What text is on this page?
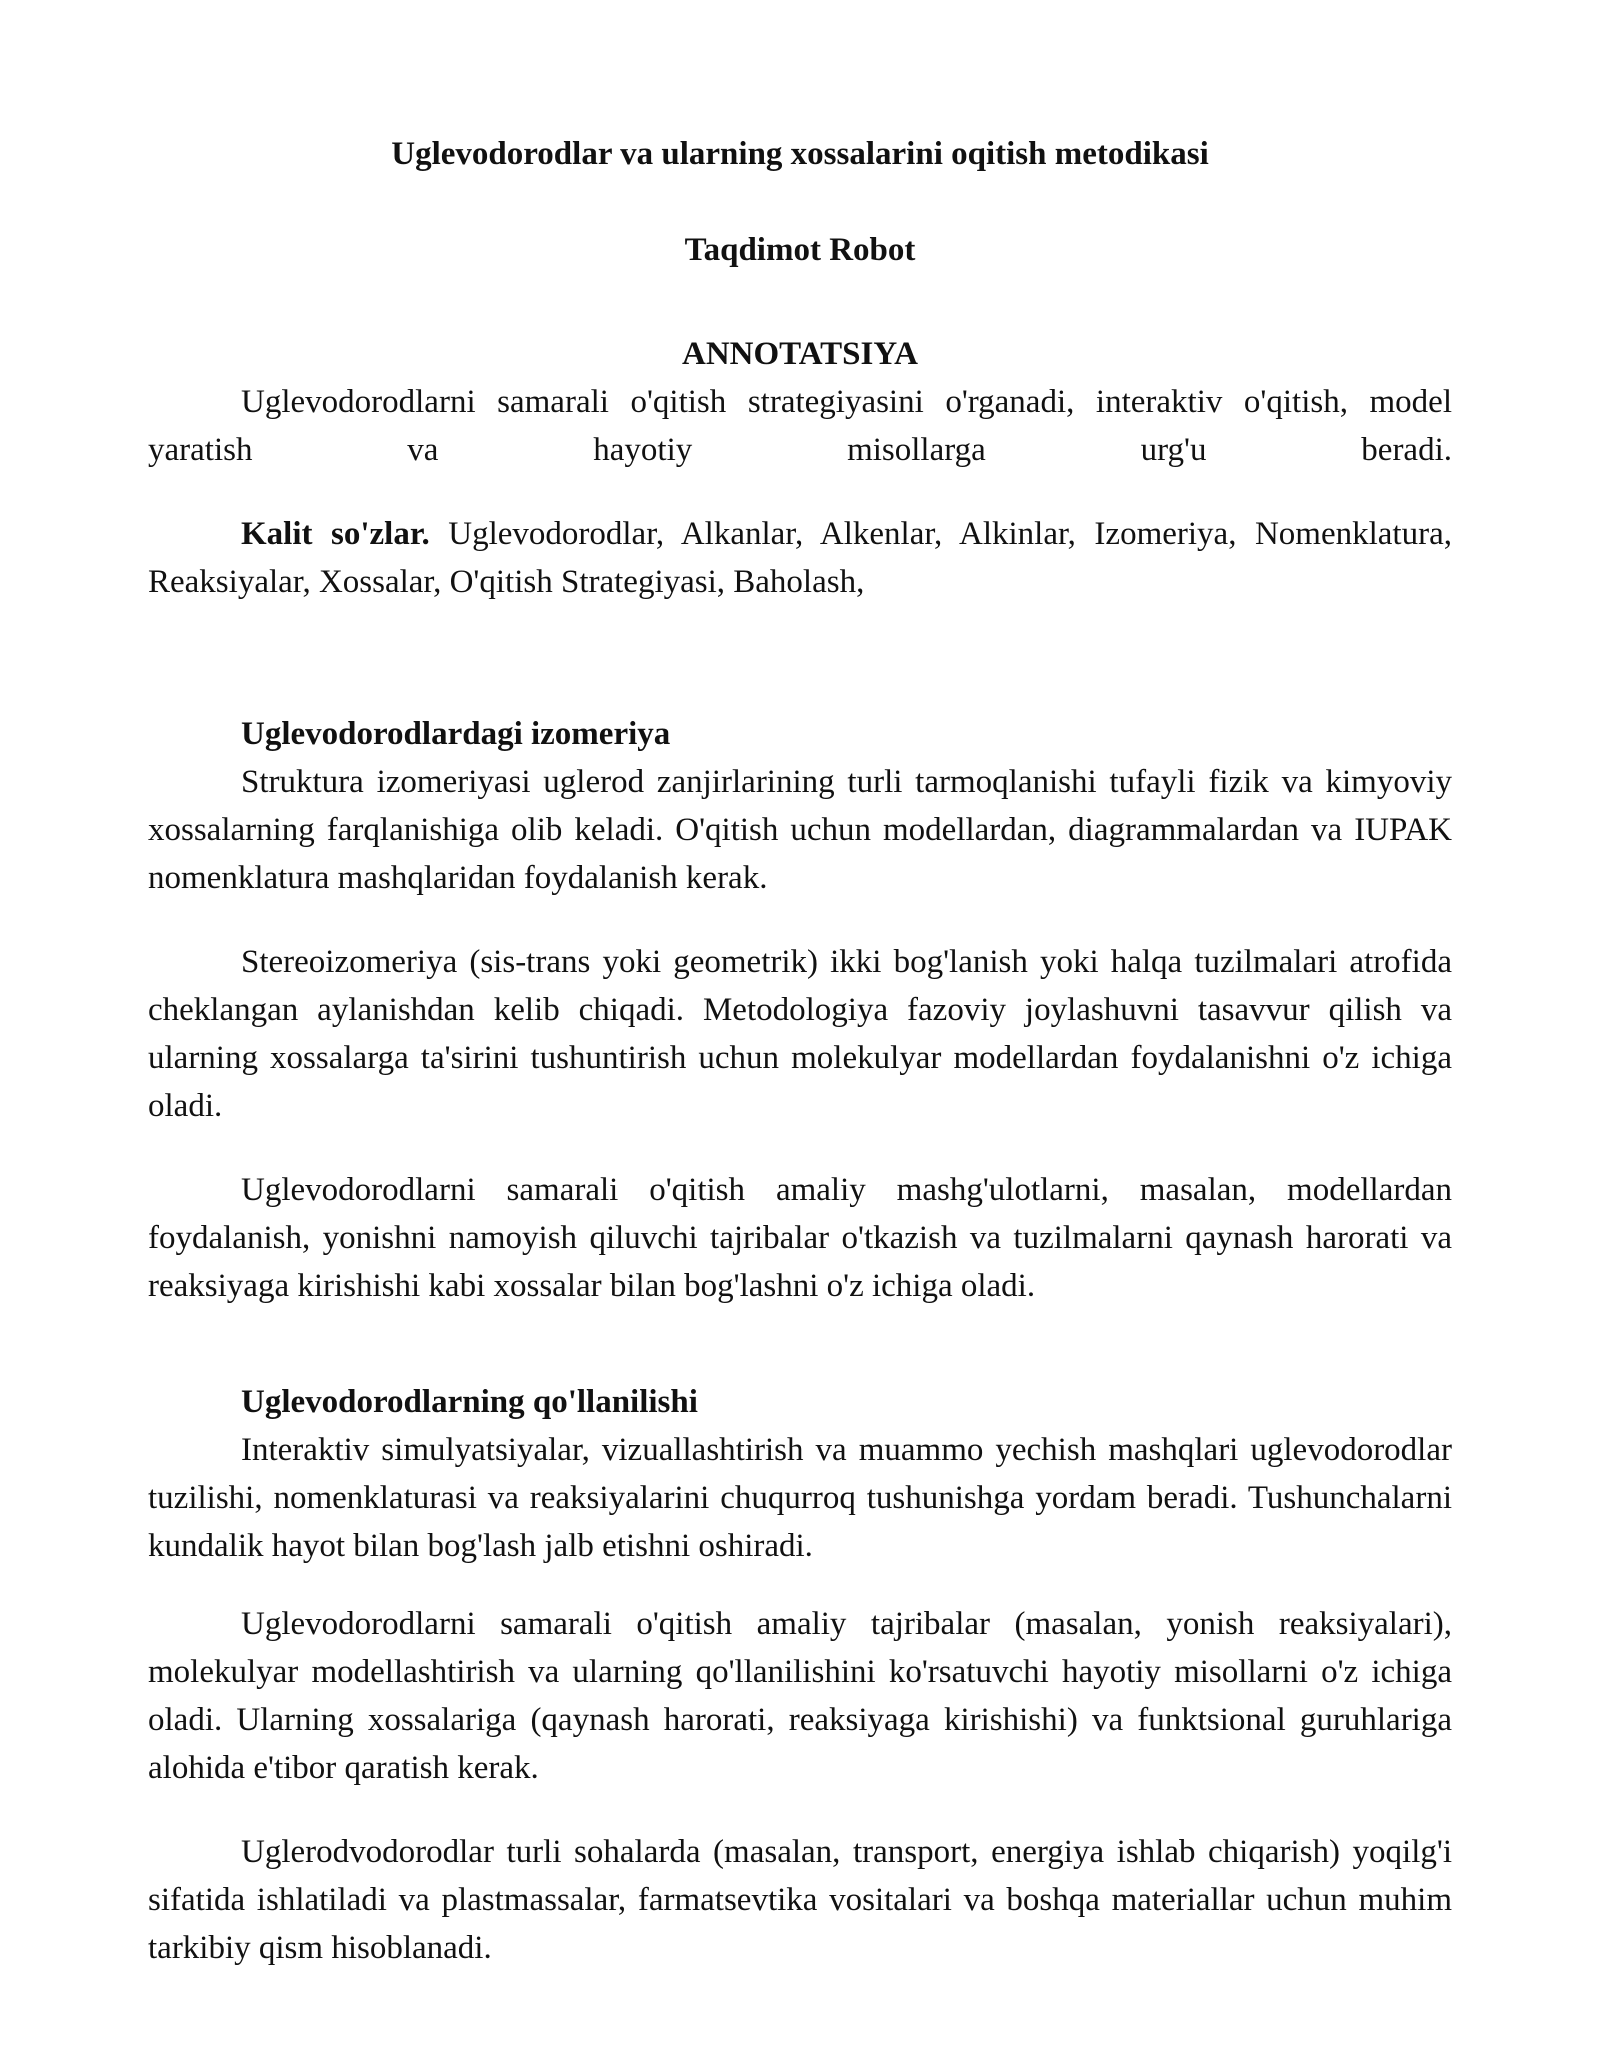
Uglevodorodlar va ularning xossalarini oqitish metodikasi
Taqdimot Robot
ANNOTATSIYA

Uglevodorodlarni samarali o'qitish strategiyasini o'rganadi, interaktiv o'qitish, model yaratish va hayotiy misollarga urg'u beradi.

Kalit so'zlar. Uglevodorodlar, Alkanlar, Alkenlar, Alkinlar, Izomeriya, Nomenklatura, Reaksiyalar, Xossalar, O'qitish Strategiyasi, Baholash,

Uglevodorodlardagi izomeriya

Struktura izomeriyasi uglerod zanjirlarining turli tarmoqlanishi tufayli fizik va kimyoviy xossalarning farqlanishiga olib keladi. O'qitish uchun modellardan, diagrammalardan va IUPAK nomenklatura mashqlaridan foydalanish kerak.

Stereoizomeriya (sis-trans yoki geometrik) ikki bog'lanish yoki halqa tuzilmalari atrofida cheklangan aylanishdan kelib chiqadi. Metodologiya fazoviy joylashuvni tasavvur qilish va ularning xossalarga ta'sirini tushuntirish uchun molekulyar modellardan foydalanishni o'z ichiga oladi.

Uglevodorodlarni samarali o'qitish amaliy mashg'ulotlarni, masalan, modellardan foydalanish, yonishni namoyish qiluvchi tajribalar o'tkazish va tuzilmalarni qaynash harorati va reaksiyaga kirishishi kabi xossalar bilan bog'lashni o'z ichiga oladi.

Uglevodorodlarning qo'llanilishi

Interaktiv simulyatsiyalar, vizuallashtirish va muammo yechish mashqlari uglevodorodlar tuzilishi, nomenklaturasi va reaksiyalarini chuqurroq tushunishga yordam beradi. Tushunchalarni kundalik hayot bilan bog'lash jalb etishni oshiradi.

Uglevodorodlarni samarali o'qitish amaliy tajribalar (masalan, yonish reaksiyalari), molekulyar modellashtirish va ularning qo'llanilishini ko'rsatuvchi hayotiy misollarni o'z ichiga oladi. Ularning xossalariga (qaynash harorati, reaksiyaga kirishishi) va funktsional guruhlariga alohida e'tibor qaratish kerak.

Uglerodvodorodlar turli sohalarda (masalan, transport, energiya ishlab chiqarish) yoqilg'i sifatida ishlatiladi va plastmassalar, farmatsevtika vositalari va boshqa materiallar uchun muhim tarkibiy qism hisoblanadi.
